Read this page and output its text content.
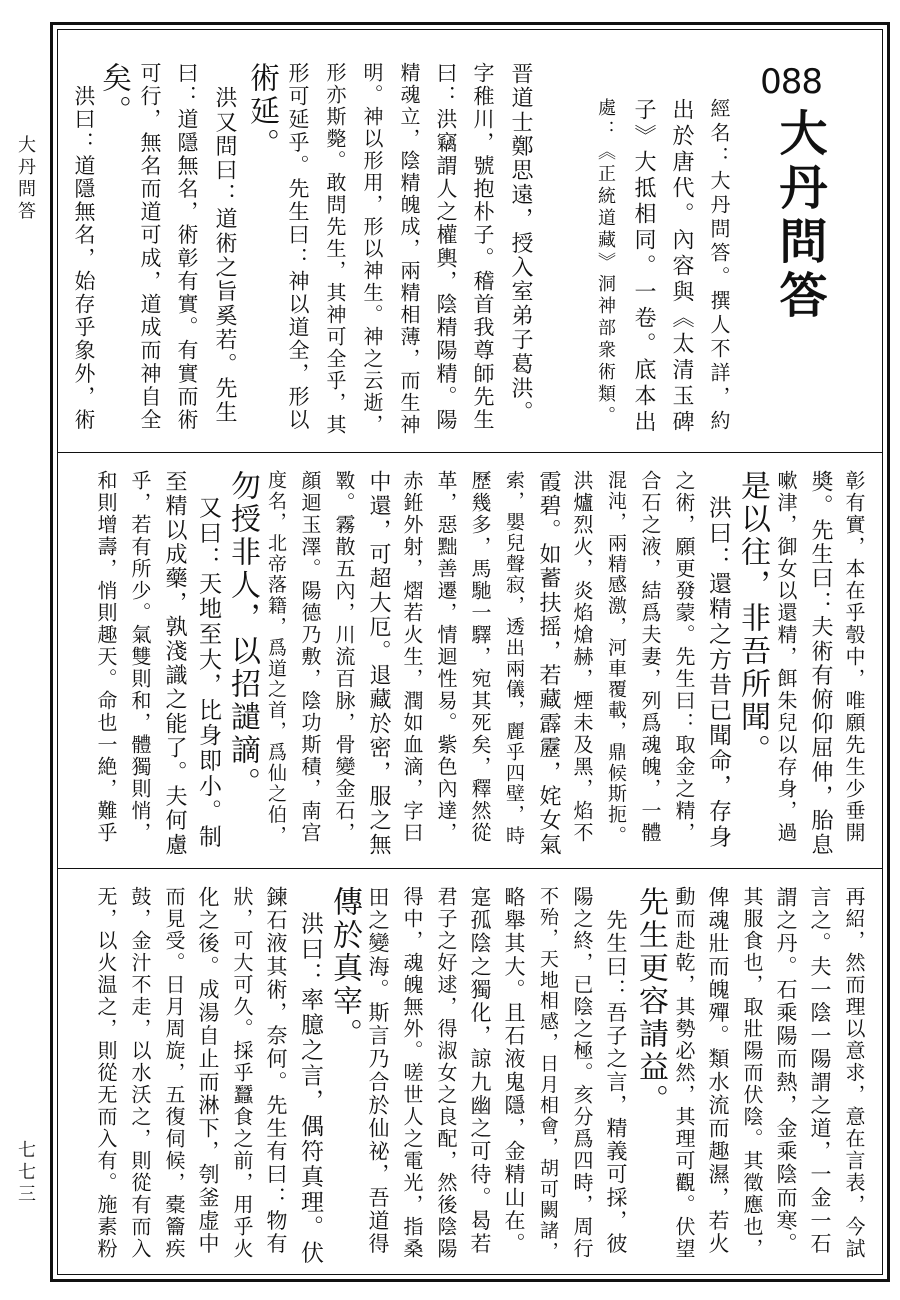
大丹問答
七七三
088
大丹問答
經名：大丹問答。撰人不詳，約
出於唐代。內容與《太清玉碑
子》大抵相同。一卷。底本出
處：《正統道藏》洞神部衆術類。
晋道士鄭思遠，授入室弟子葛洪。
字稚川，號抱朴子。稽首我尊師先生
曰：洪竊謂人之權輿，陰精陽精。陽
精魂立，陰精魄成，兩精相薄，而生神
明。神以形用，形以神生。神之云逝，
形亦斯斃。敢問先生，其神可全乎，其
形可延乎。先生曰：神以道全，形以
術延。
　洪又問曰：道術之旨奚若。先生
曰：道隱無名，術彰有實。有實而術
可行，無名而道可成，道成而神自全
矣。
　洪曰：道隱無名，始存乎象外，術
彰有實，本在乎彀中，唯願先生少垂開
奬。先生曰：夫術有俯仰屈伸，胎息
嗽津，御女以還精，餌朱兒以存身，過
是以往，非吾所聞。
　洪曰：還精之方昔已聞命，存身
之術，願更發蒙。先生曰：取金之精，
合石之液，結爲夫妻，列爲魂魄，一體
混沌，兩精感激，河車覆載，鼎候斯扼。
洪爐烈火，炎焰熗赫，煙未及黑，焰不
霞碧。如蓄扶摇，若藏霹靂，姹女氣
索，嬰兒聲寂，透出兩儀，麗乎四壁，時
歷幾多，馬馳一驛，宛其死矣，釋然從
革，惡黜善遷，情迴性易。紫色內達，
赤銋外射，熠若火生，潤如血滴，字曰
中還，可超大厄。退藏於密，服之無
斁。霧散五內，川流百脉，骨變金石，
顔迴玉澤。陽德乃敷，陰功斯積，南宫
度名，北帝落籍，爲道之首，爲仙之伯，
勿授非人，以招譴謫。
　又曰：天地至大，比身即小。制
至精以成藥，孰淺識之能了。夫何慮
乎，若有所少。氣雙則和，體獨則悄，
和則增壽，悄則趣天。命也一絶，難乎
再紹，然而理以意求，意在言表，今試
言之。夫一陰一陽謂之道，一金一石
謂之丹。石乘陽而熱，金乘陰而寒。
其服食也，取壯陽而伏陰。其徵應也，
俾魂壯而魄殫。類水流而趣濕，若火
動而赴乾，其勢必然，其理可觀。伏望
先生更容請益。
　先生曰：吾子之言，精義可採，彼
陽之終，已陰之極。亥分爲四時，周行
不殆，天地相感，日月相會，胡可闕諸，
略舉其大。且石液鬼隱，金精山在。
寔孤陰之獨化，諒九幽之可待。曷若
君子之好逑，得淑女之良配，然後陰陽
得中，魂魄無外。嗟世人之電光，指桑
田之變海。斯言乃合於仙祕，吾道得
傳於真宰。
　洪曰：率臆之言，偶符真理。伏
鍊石液其術，奈何。先生有曰：物有
狀，可大可久。採乎蠶食之前，用乎火
化之後。成湯自止而淋下，刳釜虚中
而見受。日月周旋，五復伺候，橐籥疾
鼓，金汁不走，以水沃之，則從有而入
无，以火温之，則從无而入有。施素粉
